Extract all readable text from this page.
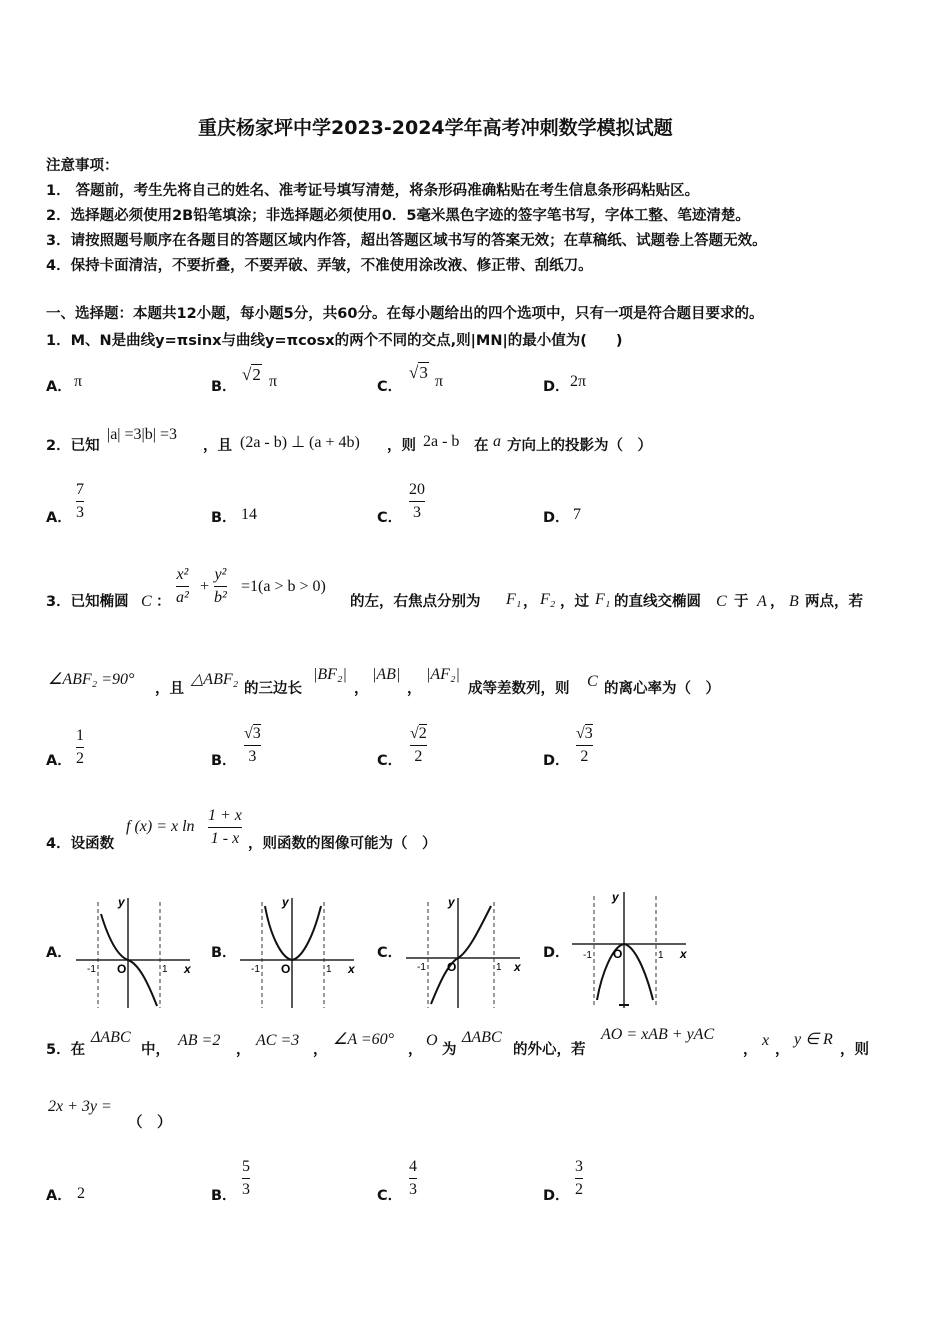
重庆杨家坪中学2023-2024学年高考冲刺数学模拟试题
注意事项：
1． 答题前，考生先将自己的姓名、准考证号填写清楚，将条形码准确粘贴在考生信息条形码粘贴区。
2．选择题必须使用2B铅笔填涂；非选择题必须使用0．5毫米黑色字迹的签字笔书写，字体工整、笔迹清楚。
3．请按照题号顺序在各题目的答题区域内作答，超出答题区域书写的答案无效；在草稿纸、试题卷上答题无效。
4．保持卡面清洁，不要折叠，不要弄破、弄皱，不准使用涂改液、修正带、刮纸刀。
一、选择题：本题共12小题，每小题5分，共60分。在每小题给出的四个选项中，只有一项是符合题目要求的。
1．M、N是曲线y=πsinx与曲线y=πcosx的两个不同的交点,则|MN|的最小值为(　　)
A． π	B．
√2 π	C．
√3 π	D． 2π
2．已知
|a| =3|b| =3
，且 (2a - b) ⊥ (a + 4b) ，则 2a - b 在 a 方向上的投影为（　）
A．
7
3	B． 14	C．
20
3	D． 7
3．已知椭圆 C ：
x²
a²
+
y²
b²
=1(a > b > 0)
的左，右焦点分别为 F₁ ， F₂ ，过 F₁ 的直线交椭圆 C 于 A ， B 两点，若
∠ABF₂ =90°
，且
△ABF₂
的三边长
|BF₂|
，
|AB|
，
|AF₂|
成等差数列，则 C 的离心率为（　）
A．
1
2	B．
√3
3	C．
√2
2	D．
√3
2
4．设函数
f (x) = x ln
1 + x
1 - x ，则函数的图像可能为（　）
A．	B．	C．	D．
y
x
O
-1	1
y
x
O
-1	1
y
x
O
-1	1
y
x
O
-1	1
5．在
ΔABC
中，
AB =2
，
AC =3
，
∠A =60°
，
O
为
ΔABC
的外心，若
AO = xAB + yAC
，
x
，
y ∈ R
，则
2x + 3y =
（　）
A． 2	B．
5
3	C．
4
3	D．
3
2
